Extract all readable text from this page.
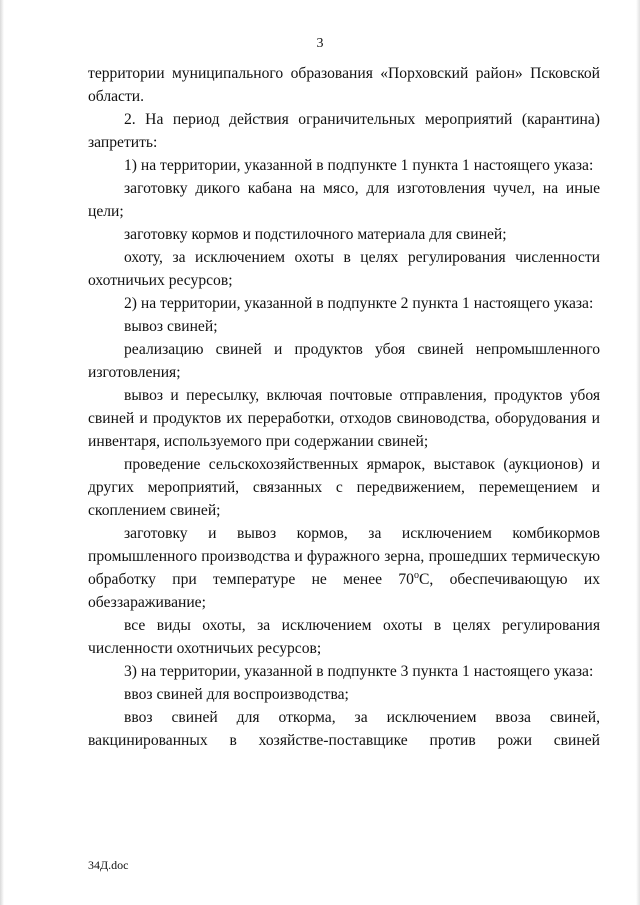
3

территории муниципального образования «Порховский район» Псковской области.

2. На период действия ограничительных мероприятий (карантина) запретить:

1) на территории, указанной в подпункте 1 пункта 1 настоящего указа:

заготовку дикого кабана на мясо, для изготовления чучел, на иные цели;

заготовку кормов и подстилочного материала для свиней;

охоту, за исключением охоты в целях регулирования численности охотничьих ресурсов;

2) на территории, указанной в подпункте 2 пункта 1 настоящего указа:

вывоз свиней;

реализацию свиней и продуктов убоя свиней непромышленного изготовления;

вывоз и пересылку, включая почтовые отправления, продуктов убоя свиней и продуктов их переработки, отходов свиноводства, оборудования и инвентаря, используемого при содержании свиней;

проведение сельскохозяйственных ярмарок, выставок (аукционов) и других мероприятий, связанных с передвижением, перемещением и скоплением свиней;

заготовку и вывоз кормов, за исключением комбикормов промышленного производства и фуражного зерна, прошедших термическую обработку при температуре не менее 70$^o$C, обеспечивающую их обеззараживание;

все виды охоты, за исключением охоты в целях регулирования численности охотничьих ресурсов;

3) на территории, указанной в подпункте 3 пункта 1 настоящего указа:

ввоз свиней для воспроизводства;

ввоз свиней для откорма, за исключением ввоза свиней, вакцинированных в хозяйстве-поставщике против рожи свиней

34Д.doc
